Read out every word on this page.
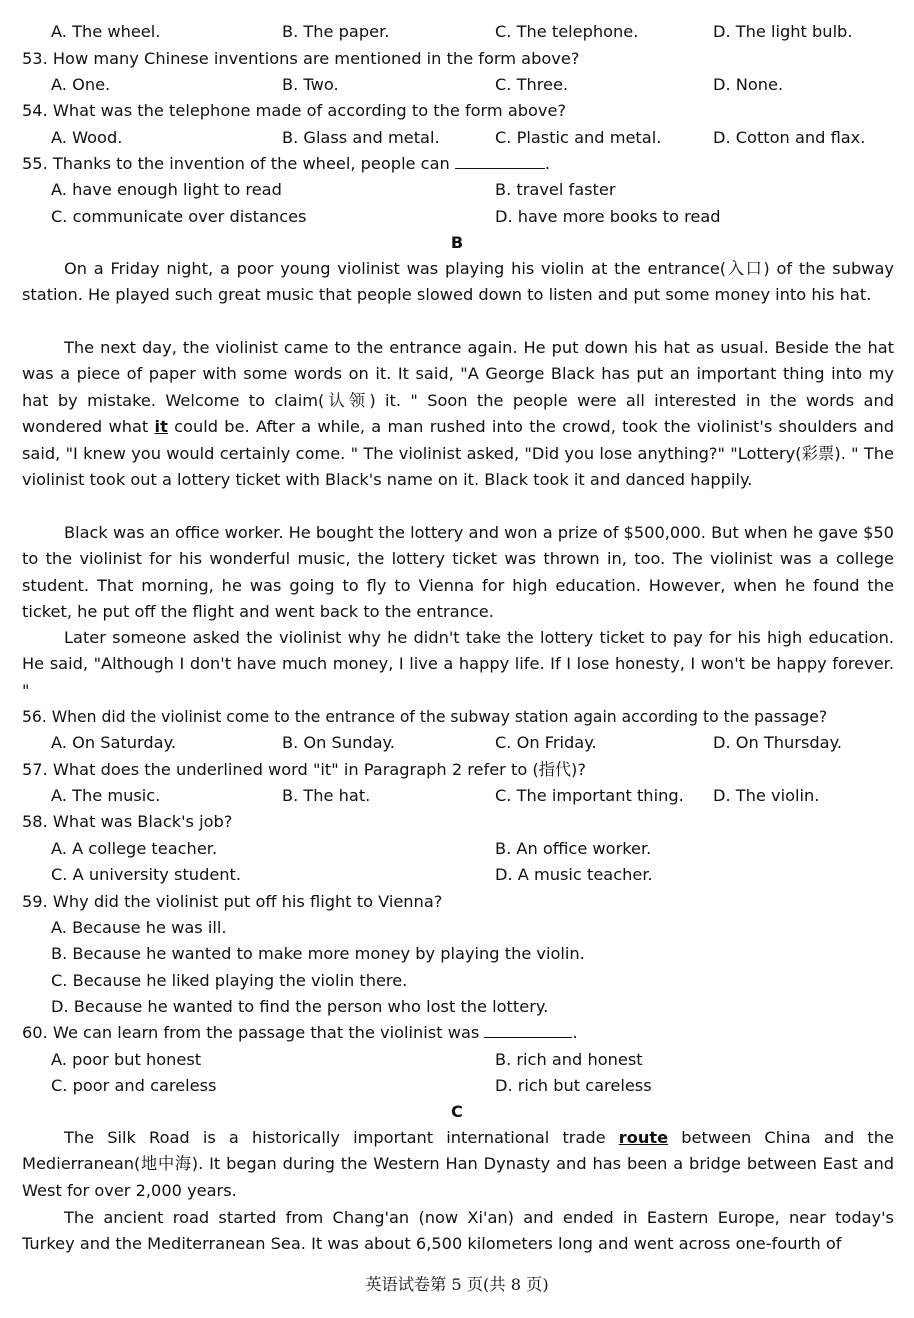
A. The wheel.	B. The paper.	C. The telephone.	D. The light bulb.
53. How many Chinese inventions are mentioned in the form above?
A. One.	B. Two.	C. Three.	D. None.
54. What was the telephone made of according to the form above?
A. Wood.	B. Glass and metal.	C. Plastic and metal.	D. Cotton and flax.
55. Thanks to the invention of the wheel, people can	.
A. have enough light to read	B. travel faster
C. communicate over distances	D. have more books to read
B
On a Friday night, a poor young violinist was playing his violin at the entrance(入口) of the subway station. He played such great music that people slowed down to listen and put some money into his hat.
The next day, the violinist came to the entrance again. He put down his hat as usual. Beside the hat was a piece of paper with some words on it. It said, "A George Black has put an important thing into my hat by mistake. Welcome to claim(认领) it. " Soon the people were all interested in the words and wondered what it could be. After a while, a man rushed into the crowd, took the violinist's shoulders and said, "I knew you would certainly come. " The violinist asked, "Did you lose anything?" "Lottery(彩票). " The violinist took out a lottery ticket with Black's name on it. Black took it and danced happily.
Black was an office worker. He bought the lottery and won a prize of $500,000. But when he gave $50 to the violinist for his wonderful music, the lottery ticket was thrown in, too. The violinist was a college student. That morning, he was going to fly to Vienna for high education. However, when he found the ticket, he put off the flight and went back to the entrance.
Later someone asked the violinist why he didn't take the lottery ticket to pay for his high education. He said, "Although I don't have much money, I live a happy life. If I lose honesty, I won't be happy forever. "
56. When did the violinist come to the entrance of the subway station again according to the passage?
A. On Saturday.	B. On Sunday.	C. On Friday.	D. On Thursday.
57. What does the underlined word "it" in Paragraph 2 refer to (指代)?
A. The music.	B. The hat.	C. The important thing. D. The violin.
58. What was Black's job?
A. A college teacher.	B. An office worker.
C. A university student.	D. A music teacher.
59. Why did the violinist put off his flight to Vienna?
A. Because he was ill.
B. Because he wanted to make more money by playing the violin.
C. Because he liked playing the violin there.
D. Because he wanted to find the person who lost the lottery.
60. We can learn from the passage that the violinist was	.
A. poor but honest	B. rich and honest
C. poor and careless	D. rich but careless
C
The Silk Road is a historically important international trade route between China and the Medierranean(地中海). It began during the Western Han Dynasty and has been a bridge between East and West for over 2,000 years.
The ancient road started from Chang'an (now Xi'an) and ended in Eastern Europe, near today's Turkey and the Mediterranean Sea. It was about 6,500 kilometers long and went across one-fourth of
英语试卷第 5 页(共 8 页)
